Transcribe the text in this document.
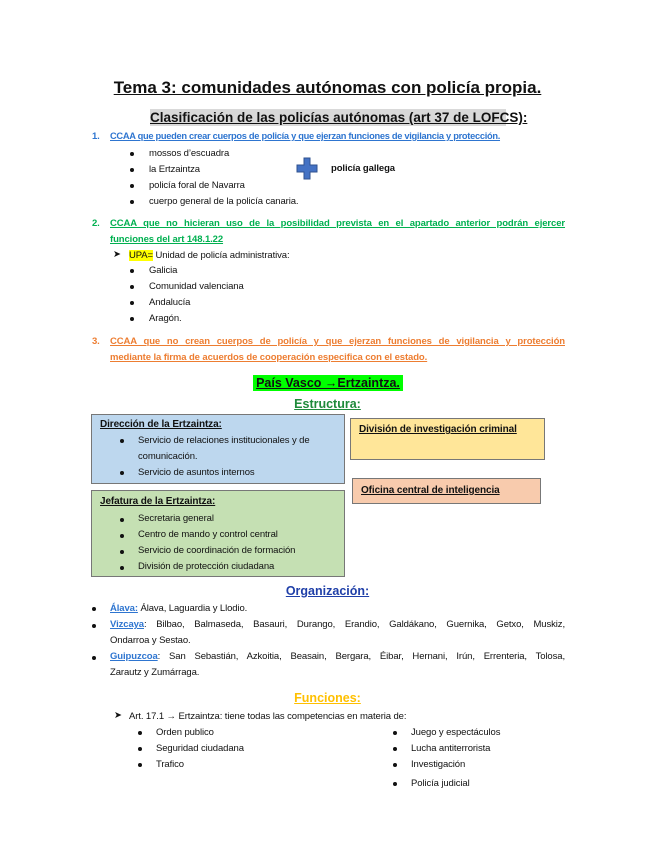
Tema 3: comunidades autónomas con policía propia.
Clasificación de las policías autónomas (art 37 de LOFCS):
1. CCAA que pueden crear cuerpos de policía y que ejerzan funciones de vigilancia y protección.
mossos d’escuadra
la Ertzaintza
policía foral de Navarra
cuerpo general de la policía canaria.
policía gallega
2. CCAA que no hicieran uso de la posibilidad prevista en el apartado anterior podrán ejercer
funciones del art 148.1.22
➤ UPA= Unidad de policía administrativa:
Galicia
Comunidad valenciana
Andalucía
Aragón.
3. CCAA que no crean cuerpos de policía y que ejerzan funciones de vigilancia y protección
mediante la firma de acuerdos de cooperación especifica con el estado.
País Vasco →Ertzaintza.
Estructura:
Dirección de la Ertzaintza:
Servicio de relaciones institucionales y de
comunicación.
Servicio de asuntos internos
Jefatura de la Ertzaintza:
Secretaria general
Centro de mando y control central
Servicio de coordinación de formación
División de protección ciudadana
División de investigación criminal
Oficina central de inteligencia
Organización:
Álava: Álava, Laguardia y Llodio.
Vizcaya: Bilbao, Balmaseda, Basauri, Durango, Erandio, Galdákano, Guernika, Getxo, Muskiz,
Ondarroa y Sestao.
Guipuzcoa: San Sebastián, Azkoitia, Beasain, Bergara, Éibar, Hernani, Irún, Errenteria, Tolosa,
Zarautz y Zumárraga.
Funciones:
➤ Art. 17.1 → Ertzaintza: tiene todas las competencias en materia de:
Orden publico
Seguridad ciudadana
Trafico
Juego y espectáculos
Lucha antiterrorista
Investigación
Policía judicial
